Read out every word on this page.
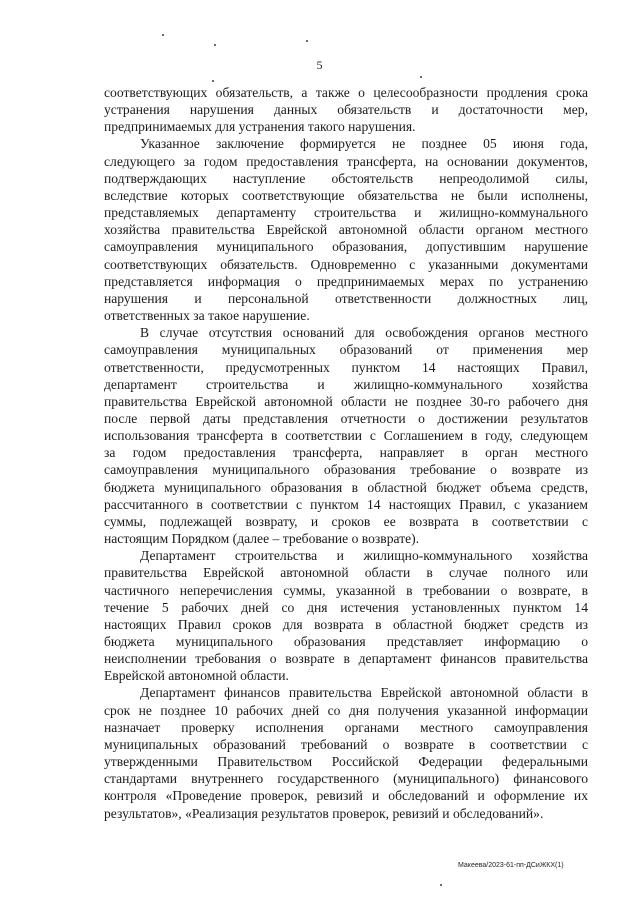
5
соответствующих обязательств, а также о целесообразности продления срока
устранения нарушения данных обязательств и достаточности мер,
предпринимаемых для устранения такого нарушения.
Указанное заключение формируется не позднее 05 июня года,
следующего за годом предоставления трансферта, на основании документов,
подтверждающих наступление обстоятельств непреодолимой силы,
вследствие которых соответствующие обязательства не были исполнены,
представляемых департаменту строительства и жилищно-коммунального
хозяйства правительства Еврейской автономной области органом местного
самоуправления муниципального образования, допустившим нарушение
соответствующих обязательств. Одновременно с указанными документами
представляется информация о предпринимаемых мерах по устранению
нарушения и персональной ответственности должностных лиц,
ответственных за такое нарушение.
В случае отсутствия оснований для освобождения органов местного
самоуправления муниципальных образований от применения мер
ответственности, предусмотренных пунктом 14 настоящих Правил,
департамент строительства и жилищно-коммунального хозяйства
правительства Еврейской автономной области не позднее 30-го рабочего дня
после первой даты представления отчетности о достижении результатов
использования трансферта в соответствии с Соглашением в году, следующем
за годом предоставления трансферта, направляет в орган местного
самоуправления муниципального образования требование о возврате из
бюджета муниципального образования в областной бюджет объема средств,
рассчитанного в соответствии с пунктом 14 настоящих Правил, с указанием
суммы, подлежащей возврату, и сроков ее возврата в соответствии с
настоящим Порядком (далее – требование о возврате).
Департамент строительства и жилищно-коммунального хозяйства
правительства Еврейской автономной области в случае полного или
частичного неперечисления суммы, указанной в требовании о возврате, в
течение 5 рабочих дней со дня истечения установленных пунктом 14
настоящих Правил сроков для возврата в областной бюджет средств из
бюджета муниципального образования представляет информацию о
неисполнении требования о возврате в департамент финансов правительства
Еврейской автономной области.
Департамент финансов правительства Еврейской автономной области в
срок не позднее 10 рабочих дней со дня получения указанной информации
назначает проверку исполнения органами местного самоуправления
муниципальных образований требований о возврате в соответствии с
утвержденными Правительством Российской Федерации федеральными
стандартами внутреннего государственного (муниципального) финансового
контроля «Проведение проверок, ревизий и обследований и оформление их
результатов», «Реализация результатов проверок, ревизий и обследований».
Макеева/2023-61-пп-ДСиЖКХ(1)
